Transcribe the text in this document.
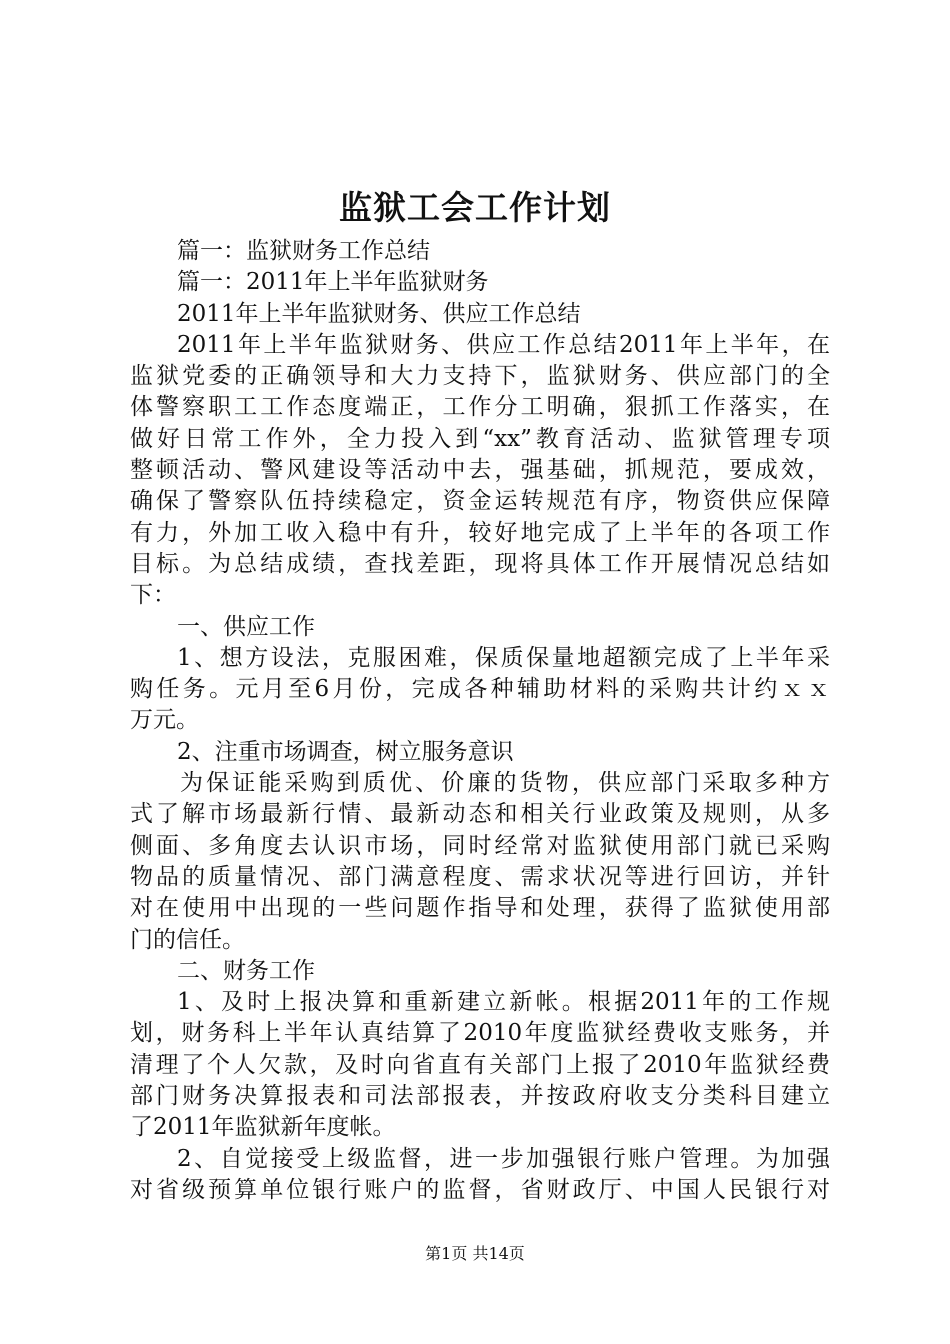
监狱工会工作计划
篇一：监狱财务工作总结
篇一：2011年上半年监狱财务
2011年上半年监狱财务、供应工作总结
2011年上半年监狱财务、供应工作总结2011年上半年，在
监狱党委的正确领导和大力支持下，监狱财务、供应部门的全
体警察职工工作态度端正，工作分工明确，狠抓工作落实，在
做好日常工作外，全力投入到“xx”教育活动、监狱管理专项
整顿活动、警风建设等活动中去，强基础，抓规范，要成效，
确保了警察队伍持续稳定，资金运转规范有序，物资供应保障
有力，外加工收入稳中有升，较好地完成了上半年的各项工作
目标。为总结成绩，查找差距，现将具体工作开展情况总结如
下：
一、供应工作
1、想方设法，克服困难，保质保量地超额完成了上半年采
购任务。元月至6月份，完成各种辅助材料的采购共计约ｘｘ
万元。
2、注重市场调查，树立服务意识
为保证能采购到质优、价廉的货物，供应部门采取多种方
式了解市场最新行情、最新动态和相关行业政策及规则，从多
侧面、多角度去认识市场，同时经常对监狱使用部门就已采购
物品的质量情况、部门满意程度、需求状况等进行回访，并针
对在使用中出现的一些问题作指导和处理，获得了监狱使用部
门的信任。
二、财务工作
1、及时上报决算和重新建立新帐。根据2011年的工作规
划，财务科上半年认真结算了2010年度监狱经费收支账务，并
清理了个人欠款，及时向省直有关部门上报了2010年监狱经费
部门财务决算报表和司法部报表，并按政府收支分类科目建立
了2011年监狱新年度帐。
2、自觉接受上级监督，进一步加强银行账户管理。为加强
对省级预算单位银行账户的监督，省财政厅、中国人民银行对
第1页 共14页
